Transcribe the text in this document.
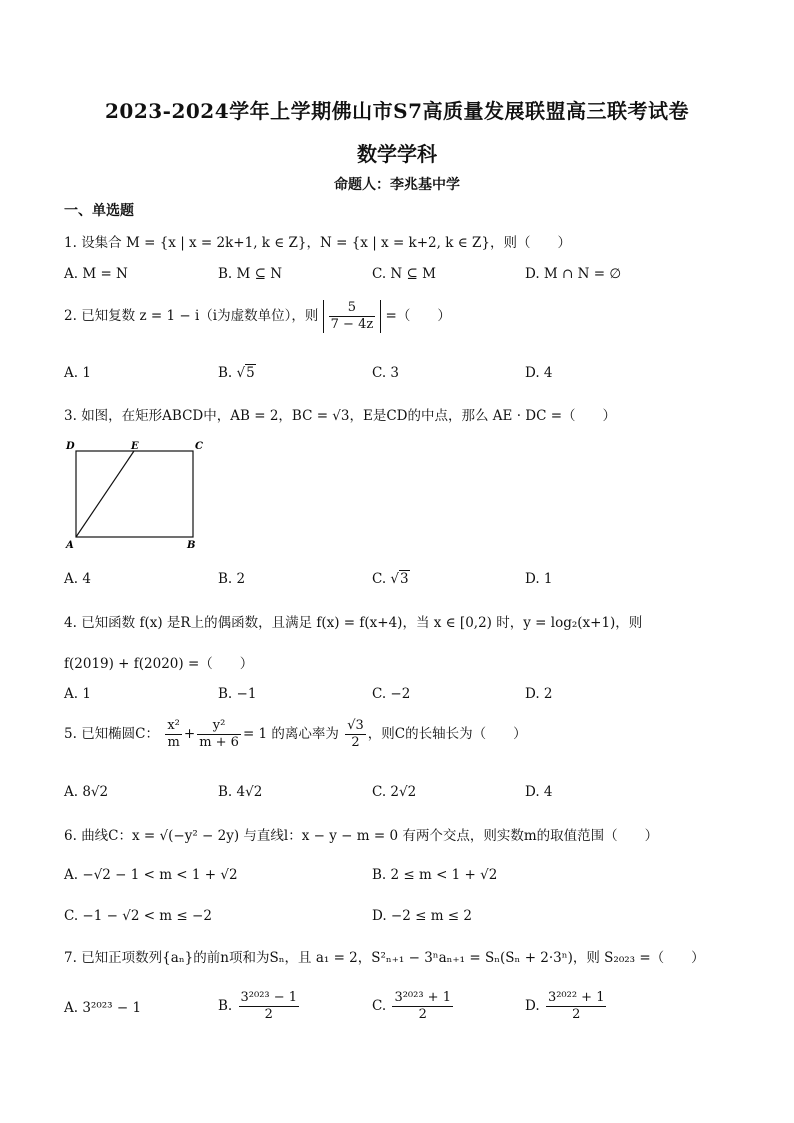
2023-2024学年上学期佛山市S7高质量发展联盟高三联考试卷
数学学科
命题人：李兆基中学
一、单选题
1. 设集合 M = {x | x = 2k+1, k ∈ Z}，N = {x | x = k+2, k ∈ Z}，则（　　）
A. M = N	B. M ⊆ N	C. N ⊆ M	D. M ∩ N = ∅
2. 已知复数 z = 1 − i（i为虚数单位），则 $\frac{5}{7 - 4z}$ =（　　）
A. 1	B. √5	C. 3	D. 4
3. 如图，在矩形ABCD中，AB = 2，BC = √3，E是CD的中点，那么 AE · DC =（　　）
D	E	C
A	B
A. 4	B. 2	C. √3	D. 1
4. 已知函数 f(x) 是R上的偶函数，且满足 f(x) = f(x+4)，当 x ∈ [0,2) 时，y = log₂(x+1)，则
f(2019) + f(2020) =（　　）
A. 1	B. −1	C. −2	D. 2
5. 已知椭圆C： $\frac{\text{x²}}{m} + \frac{\text{y²}}{m + 6} = 1$ 的离心率为 $\frac{√3}{2}$ ，则C的长轴长为（　　）
A. 8√2	B. 4√2	C. 2√2	D. 4
6. 曲线C：x = √(−y² − 2y) 与直线l：x − y − m = 0 有两个交点，则实数m的取值范围（　　）
A. −√2 − 1 < m < 1 + √2	B. 2 ≤ m < 1 + √2
C. −1 − √2 < m ≤ −2	D. −2 ≤ m ≤ 2
7. 已知正项数列{aₙ}的前n项和为Sₙ，且 a₁ = 2，S²ₙ₊₁ − 3ⁿaₙ₊₁ = Sₙ(Sₙ + 2·3ⁿ)，则 S₂₀₂₃ =（　　）
A. 3²⁰²³ − 1	B. $\frac{\text{3²⁰²³ − 1}}{2}$	C. $\frac{\text{3²⁰²³ + 1}}{2}$	D. $\frac{\text{3²⁰²² + 1}}{2}$
